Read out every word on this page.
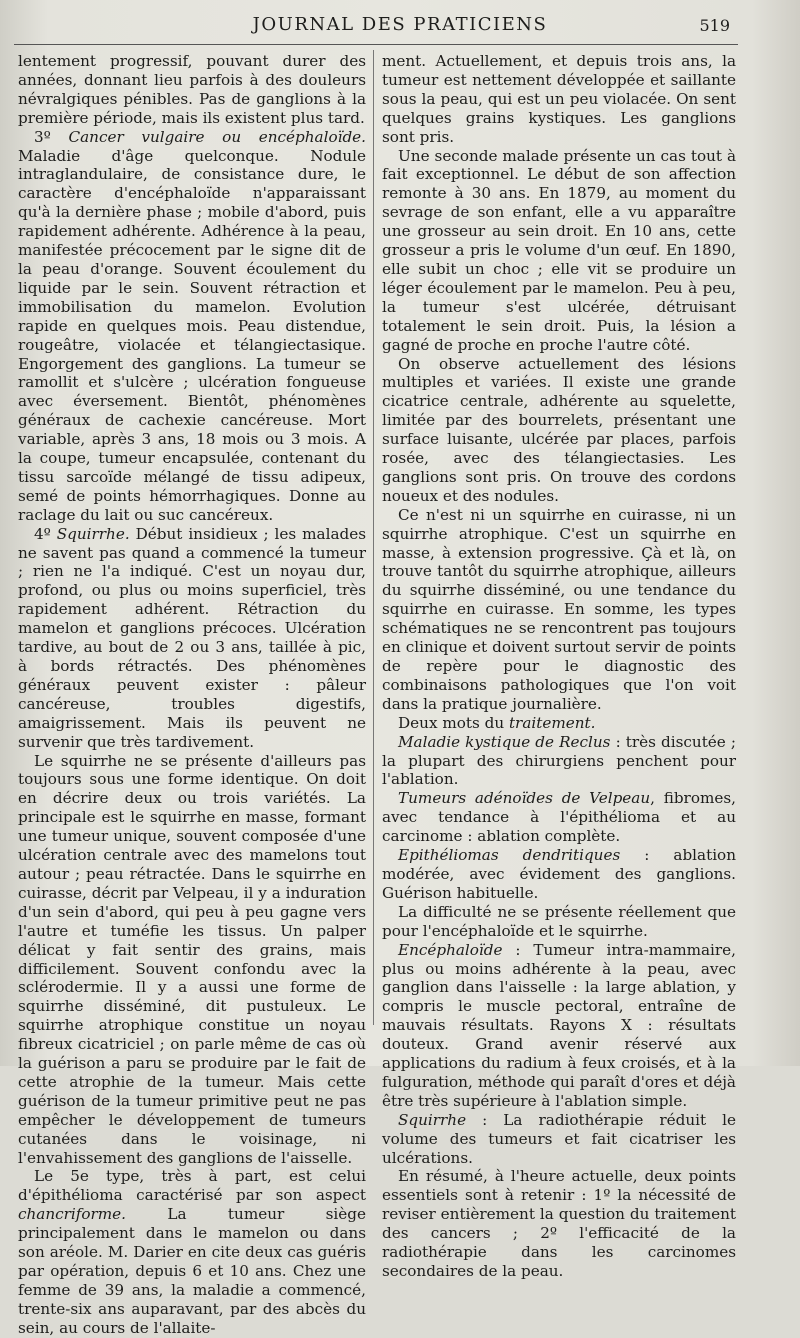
JOURNAL DES PRATICIENS	519

lentement progressif, pouvant durer des années, donnant lieu parfois à des douleurs névralgiques pénibles. Pas de ganglions à la première période, mais ils existent plus tard.

3º Cancer vulgaire ou encéphaloïde. Maladie d'âge quelconque. Nodule intraglandulaire, de consistance dure, le caractère d'encéphaloïde n'apparaissant qu'à la dernière phase ; mobile d'abord, puis rapidement adhérente. Adhérence à la peau, manifestée précocement par le signe dit de la peau d'orange. Souvent écoulement du liquide par le sein. Souvent rétraction et immobilisation du mamelon. Evolution rapide en quelques mois. Peau distendue, rougeâtre, violacée et télangiectasique. Engorgement des ganglions. La tumeur se ramollit et s'ulcère ; ulcération fongueuse avec éversement. Bientôt, phénomènes généraux de cachexie cancéreuse. Mort variable, après 3 ans, 18 mois ou 3 mois. A la coupe, tumeur encapsulée, contenant du tissu sarcoïde mélangé de tissu adipeux, semé de points hémorrhagiques. Donne au raclage du lait ou suc cancéreux.

4º Squirrhe. Début insidieux ; les malades ne savent pas quand a commencé la tumeur ; rien ne l'a indiqué. C'est un noyau dur, profond, ou plus ou moins superficiel, très rapidement adhérent. Rétraction du mamelon et ganglions précoces. Ulcération tardive, au bout de 2 ou 3 ans, taillée à pic, à bords rétractés. Des phénomènes généraux peuvent exister : pâleur cancéreuse, troubles digestifs, amaigrissement. Mais ils peuvent ne survenir que très tardivement.

Le squirrhe ne se présente d'ailleurs pas toujours sous une forme identique. On doit en décrire deux ou trois variétés. La principale est le squirrhe en masse, formant une tumeur unique, souvent composée d'une ulcération centrale avec des mamelons tout autour ; peau rétractée. Dans le squirrhe en cuirasse, décrit par Velpeau, il y a induration d'un sein d'abord, qui peu à peu gagne vers l'autre et tuméfie les tissus. Un palper délicat y fait sentir des grains, mais difficilement. Souvent confondu avec la sclérodermie. Il y a aussi une forme de squirrhe disséminé, dit pustuleux. Le squirrhe atrophique constitue un noyau fibreux cicatriciel ; on parle même de cas où la guérison a paru se produire par le fait de cette atrophie de la tumeur. Mais cette guérison de la tumeur primitive peut ne pas empêcher le développement de tumeurs cutanées dans le voisinage, ni l'envahissement des ganglions de l'aisselle.

Le 5e type, très à part, est celui d'épithélioma caractérisé par son aspect chancriforme. La tumeur siège principalement dans le mamelon ou dans son aréole. M. Darier en cite deux cas guéris par opération, depuis 6 et 10 ans. Chez une femme de 39 ans, la maladie a commencé, trente-six ans auparavant, par des abcès du sein, au cours de l'allaite-

ment. Actuellement, et depuis trois ans, la tumeur est nettement développée et saillante sous la peau, qui est un peu violacée. On sent quelques grains kystiques. Les ganglions sont pris.

Une seconde malade présente un cas tout à fait exceptionnel. Le début de son affection remonte à 30 ans. En 1879, au moment du sevrage de son enfant, elle a vu apparaître une grosseur au sein droit. En 10 ans, cette grosseur a pris le volume d'un œuf. En 1890, elle subit un choc ; elle vit se produire un léger écoulement par le mamelon. Peu à peu, la tumeur s'est ulcérée, détruisant totalement le sein droit. Puis, la lésion a gagné de proche en proche l'autre côté.

On observe actuellement des lésions multiples et variées. Il existe une grande cicatrice centrale, adhérente au squelette, limitée par des bourrelets, présentant une surface luisante, ulcérée par places, parfois rosée, avec des télangiectasies. Les ganglions sont pris. On trouve des cordons noueux et des nodules.

Ce n'est ni un squirrhe en cuirasse, ni un squirrhe atrophique. C'est un squirrhe en masse, à extension progressive. Çà et là, on trouve tantôt du squirrhe atrophique, ailleurs du squirrhe disséminé, ou une tendance du squirrhe en cuirasse. En somme, les types schématiques ne se rencontrent pas toujours en clinique et doivent surtout servir de points de repère pour le diagnostic des combinaisons pathologiques que l'on voit dans la pratique journalière.

Deux mots du traitement.

Maladie kystique de Reclus : très discutée ; la plupart des chirurgiens penchent pour l'ablation.

Tumeurs adénoïdes de Velpeau, fibromes, avec tendance à l'épithélioma et au carcinome : ablation complète.

Epithéliomas dendritiques : ablation modérée, avec évidement des ganglions. Guérison habituelle.

La difficulté ne se présente réellement que pour l'encéphaloïde et le squirrhe.

Encéphaloïde : Tumeur intra-mammaire, plus ou moins adhérente à la peau, avec ganglion dans l'aisselle : la large ablation, y compris le muscle pectoral, entraîne de mauvais résultats. Rayons X : résultats douteux. Grand avenir réservé aux applications du radium à feux croisés, et à la fulguration, méthode qui paraît d'ores et déjà être très supérieure à l'ablation simple.

Squirrhe : La radiothérapie réduit le volume des tumeurs et fait cicatriser les ulcérations.

En résumé, à l'heure actuelle, deux points essentiels sont à retenir : 1º la nécessité de reviser entièrement la question du traitement des cancers ; 2º l'efficacité de la radiothérapie dans les carcinomes secondaires de la peau.
